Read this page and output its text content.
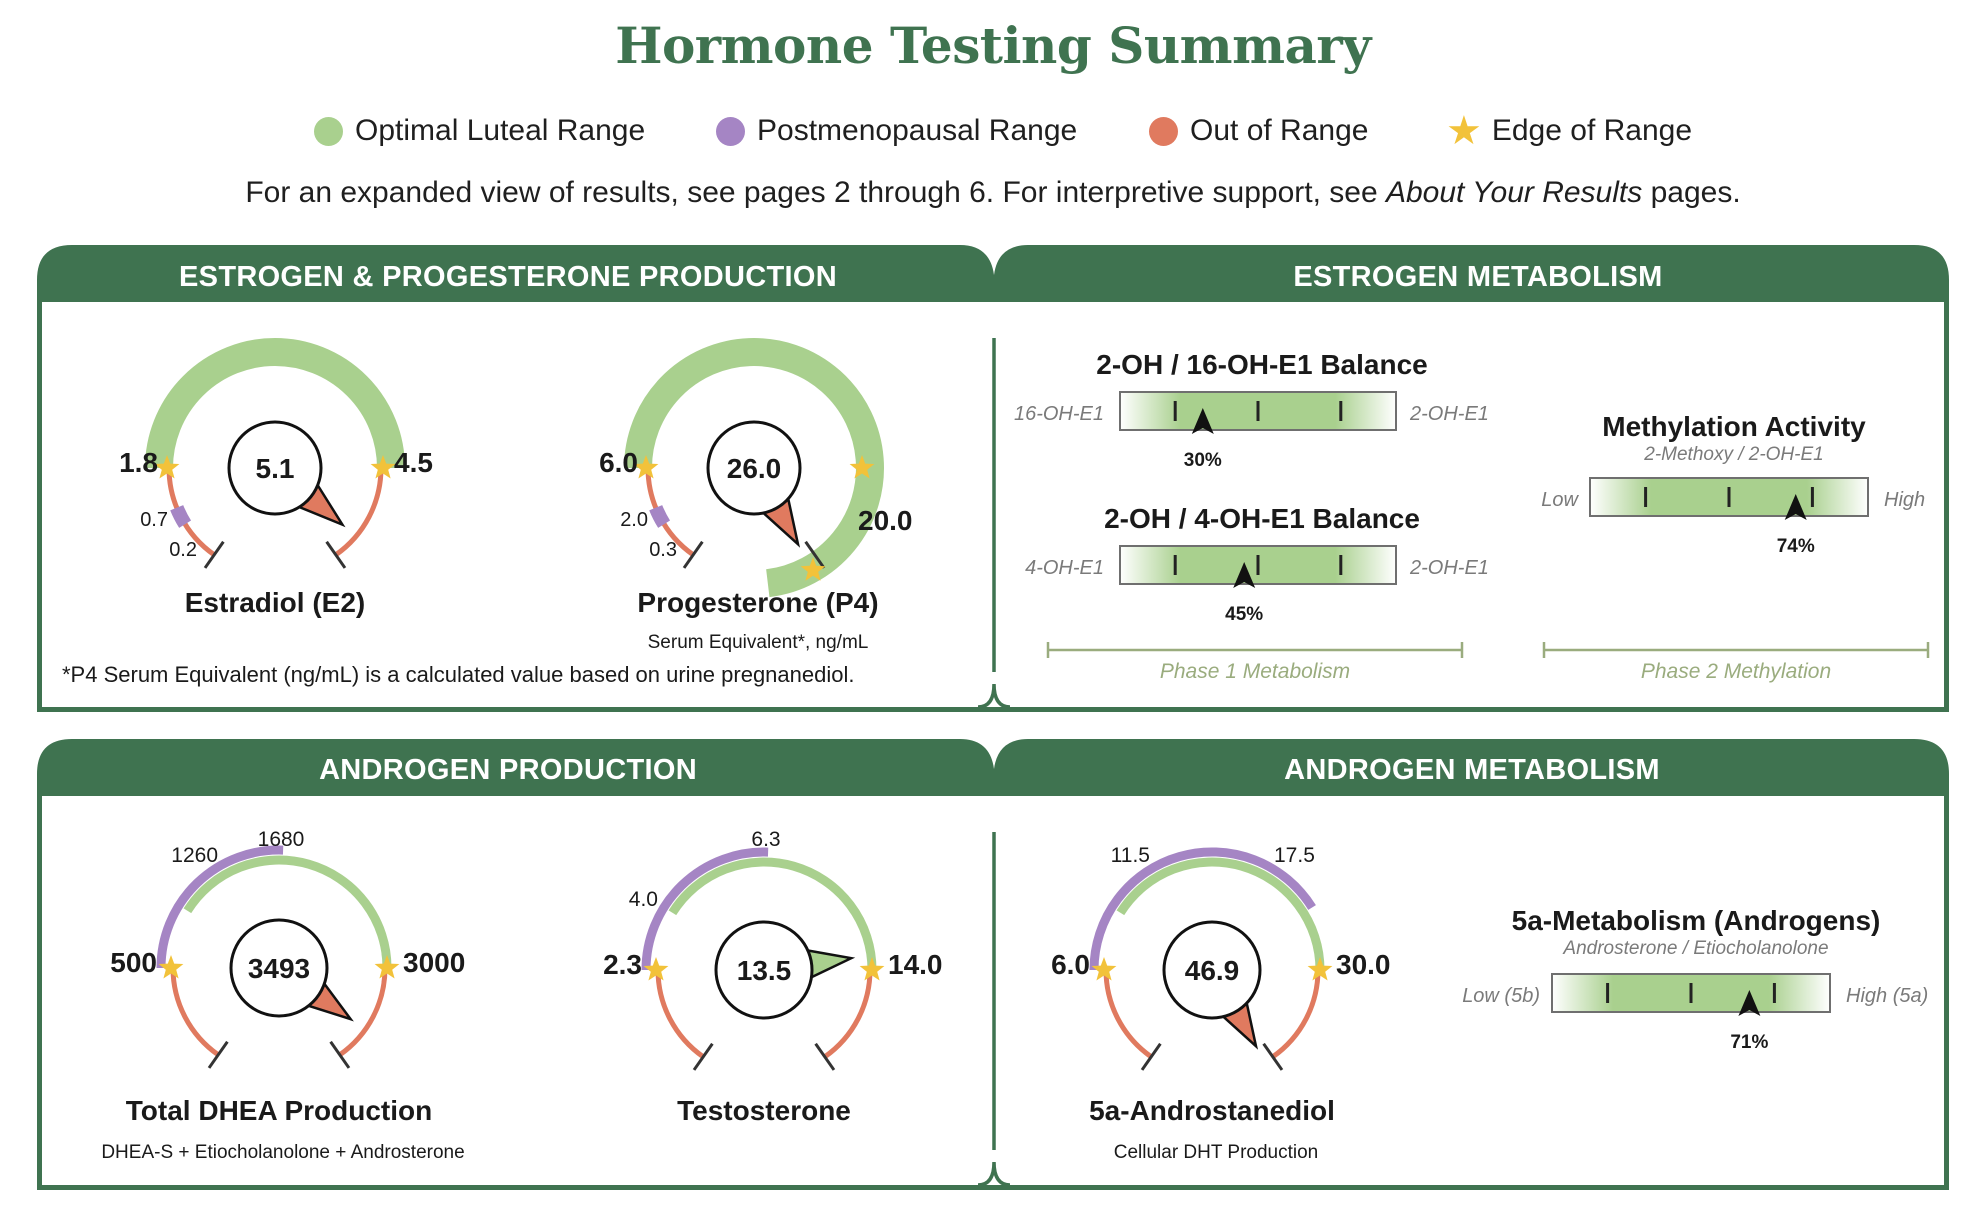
Hormone Testing Summary
Optimal Luteal Range	Postmenopausal Range	Out of Range ★ Edge of Range
For an expanded view of results, see pages 2 through 6. For interpretive support, see About Your Results pages.
ESTROGEN & PROGESTERONE PRODUCTION	ESTROGEN METABOLISM
ANDROGEN PRODUCTION	ANDROGEN METABOLISM
*P4 Serum Equivalent (ng/mL) is a calculated value based on urine pregnanediol.
5.1
1.8	4.5
0.7
0.2
Estradiol (E2)
26.0
6.0
20.0
2.0
0.3
Progesterone (P4)
Serum Equivalent*, ng/mL
3493
500	3000
1260
1680
Total DHEA Production
DHEA-S + Etiocholanolone + Androsterone
13.5
2.3	14.0
4.0
6.3
Testosterone
46.9
6.0	30.0
11.5	17.5
5a-Androstanediol
Cellular DHT Production
2-OH / 16-OH-E1 Balance
16-OH-E1	2-OH-E1
30%
2-OH / 4-OH-E1 Balance
4-OH-E1	2-OH-E1
45%
Methylation Activity
2-Methoxy / 2-OH-E1
Low	High
74%
5a-Metabolism (Androgens)
Androsterone / Etiocholanolone
Low (5b)	High (5a)
71%
Phase 1 Metabolism	Phase 2 Methylation
